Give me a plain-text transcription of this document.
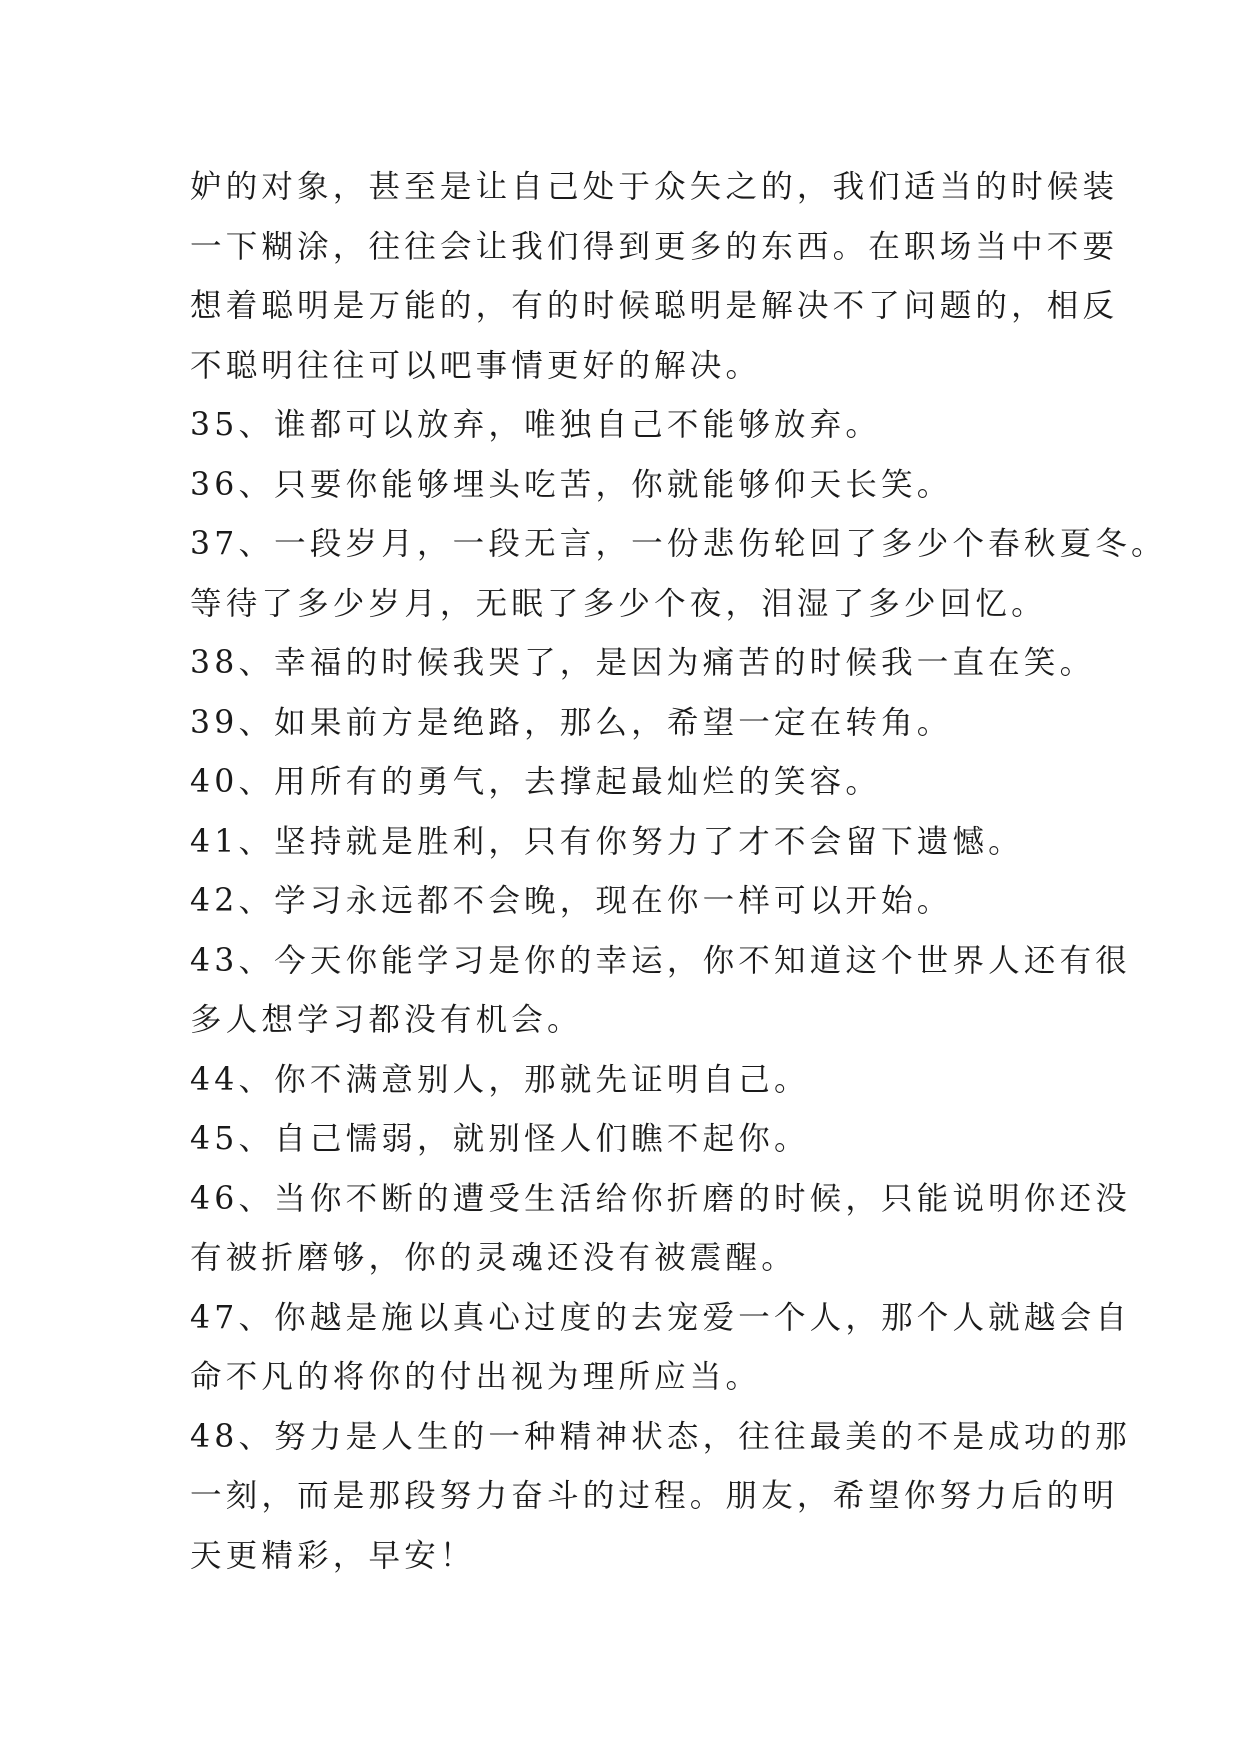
妒的对象，甚至是让自己处于众矢之的，我们适当的时候装
一下糊涂，往往会让我们得到更多的东西。在职场当中不要
想着聪明是万能的，有的时候聪明是解决不了问题的，相反
不聪明往往可以吧事情更好的解决。

35、谁都可以放弃，唯独自己不能够放弃。

36、只要你能够埋头吃苦，你就能够仰天长笑。

37、一段岁月，一段无言，一份悲伤轮回了多少个春秋夏冬。
等待了多少岁月，无眠了多少个夜，泪湿了多少回忆。

38、幸福的时候我哭了，是因为痛苦的时候我一直在笑。

39、如果前方是绝路，那么，希望一定在转角。

40、用所有的勇气，去撑起最灿烂的笑容。

41、坚持就是胜利，只有你努力了才不会留下遗憾。

42、学习永远都不会晚，现在你一样可以开始。

43、今天你能学习是你的幸运，你不知道这个世界人还有很
多人想学习都没有机会。

44、你不满意别人，那就先证明自己。

45、自己懦弱，就别怪人们瞧不起你。

46、当你不断的遭受生活给你折磨的时候，只能说明你还没
有被折磨够，你的灵魂还没有被震醒。

47、你越是施以真心过度的去宠爱一个人，那个人就越会自
命不凡的将你的付出视为理所应当。

48、努力是人生的一种精神状态，往往最美的不是成功的那
一刻，而是那段努力奋斗的过程。朋友，希望你努力后的明
天更精彩，早安！
